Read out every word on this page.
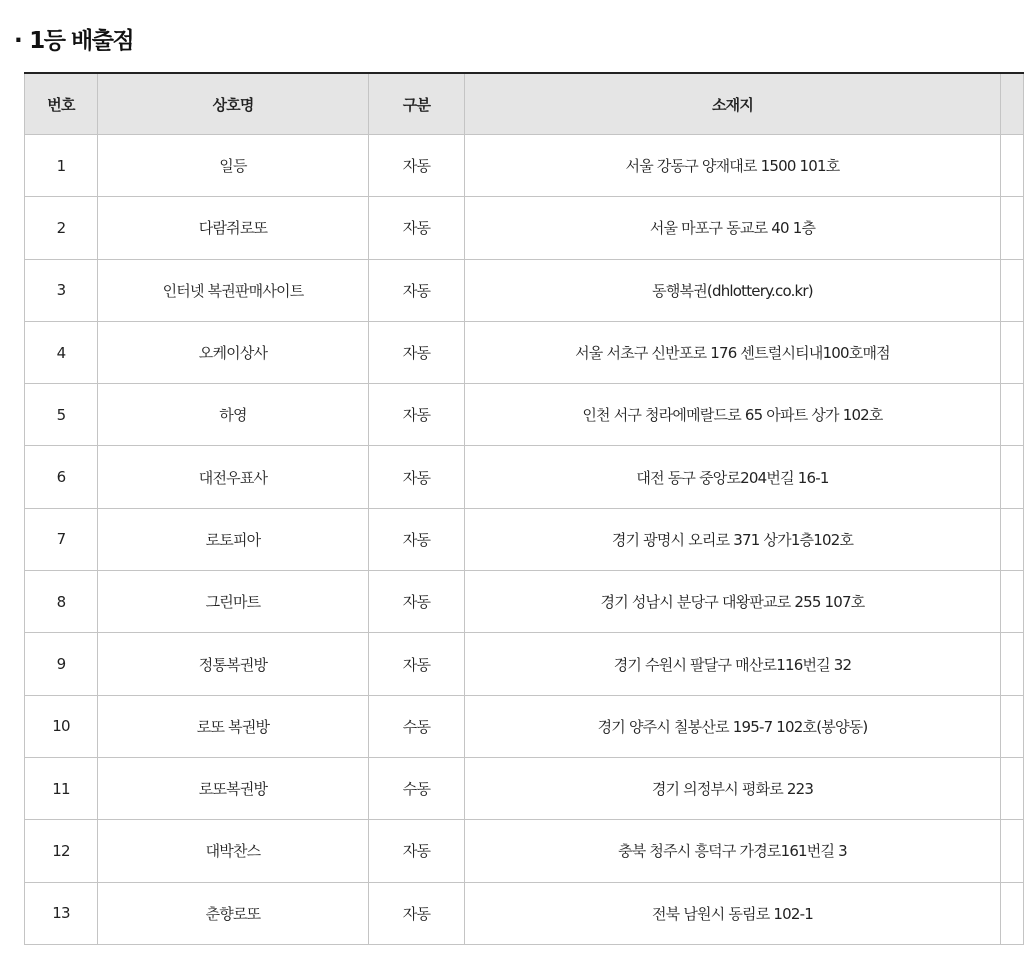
· 1등 배출점
번호	상호명	구분	소재지	
1	일등	자동	서울 강동구 양재대로 1500 101호	
2	다람쥐로또	자동	서울 마포구 동교로 40 1층	
3	인터넷 복권판매사이트	자동	동행복권(dhlottery.co.kr)	
4	오케이상사	자동	서울 서초구 신반포로 176 센트럴시티내100호매점	
5	하영	자동	인천 서구 청라에메랄드로 65 아파트 상가 102호	
6	대전우표사	자동	대전 동구 중앙로204번길 16-1	
7	로토피아	자동	경기 광명시 오리로 371 상가1층102호	
8	그린마트	자동	경기 성남시 분당구 대왕판교로 255 107호	
9	정통복권방	자동	경기 수원시 팔달구 매산로116번길 32	
10	로또 복권방	수동	경기 양주시 칠봉산로 195-7 102호(봉양동)	
11	로또복권방	수동	경기 의정부시 평화로 223	
12	대박찬스	자동	충북 청주시 흥덕구 가경로161번길 3	
13	춘향로또	자동	전북 남원시 동림로 102-1	
